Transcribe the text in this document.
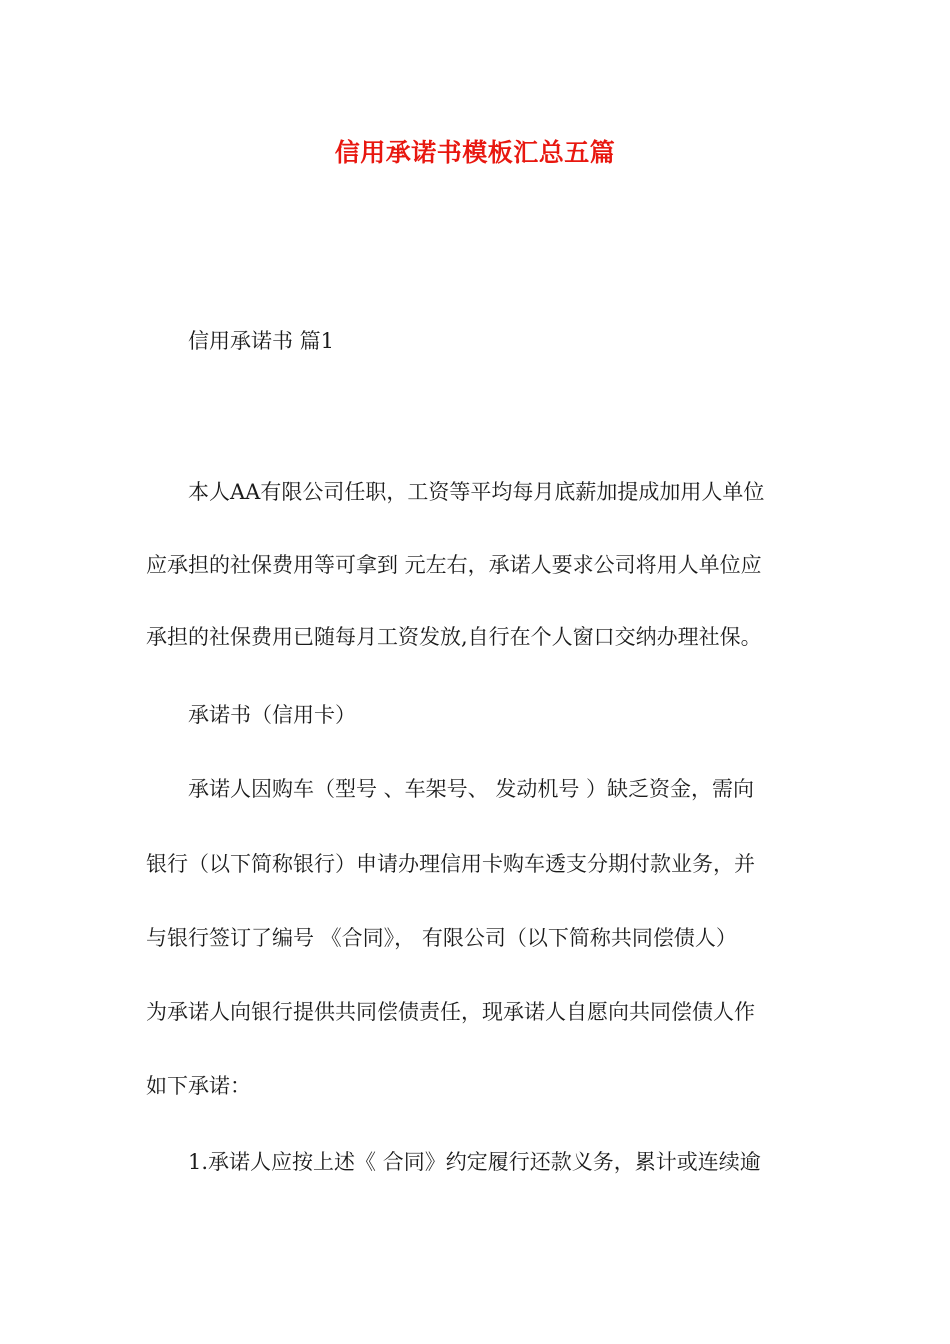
信用承诺书模板汇总五篇
信用承诺书 篇1
本人AA有限公司任职，工资等平均每月底薪加提成加用人单位
应承担的社保费用等可拿到 元左右，承诺人要求公司将用人单位应
承担的社保费用已随每月工资发放,自行在个人窗口交纳办理社保。
承诺书（信用卡）
承诺人因购车（型号 、车架号、 发动机号 ）缺乏资金，需向
银行（以下简称银行）申请办理信用卡购车透支分期付款业务，并
与银行签订了编号 《合同》， 有限公司（以下简称共同偿债人）
为承诺人向银行提供共同偿债责任，现承诺人自愿向共同偿债人作
如下承诺：
1.承诺人应按上述《 合同》约定履行还款义务，累计或连续逾
